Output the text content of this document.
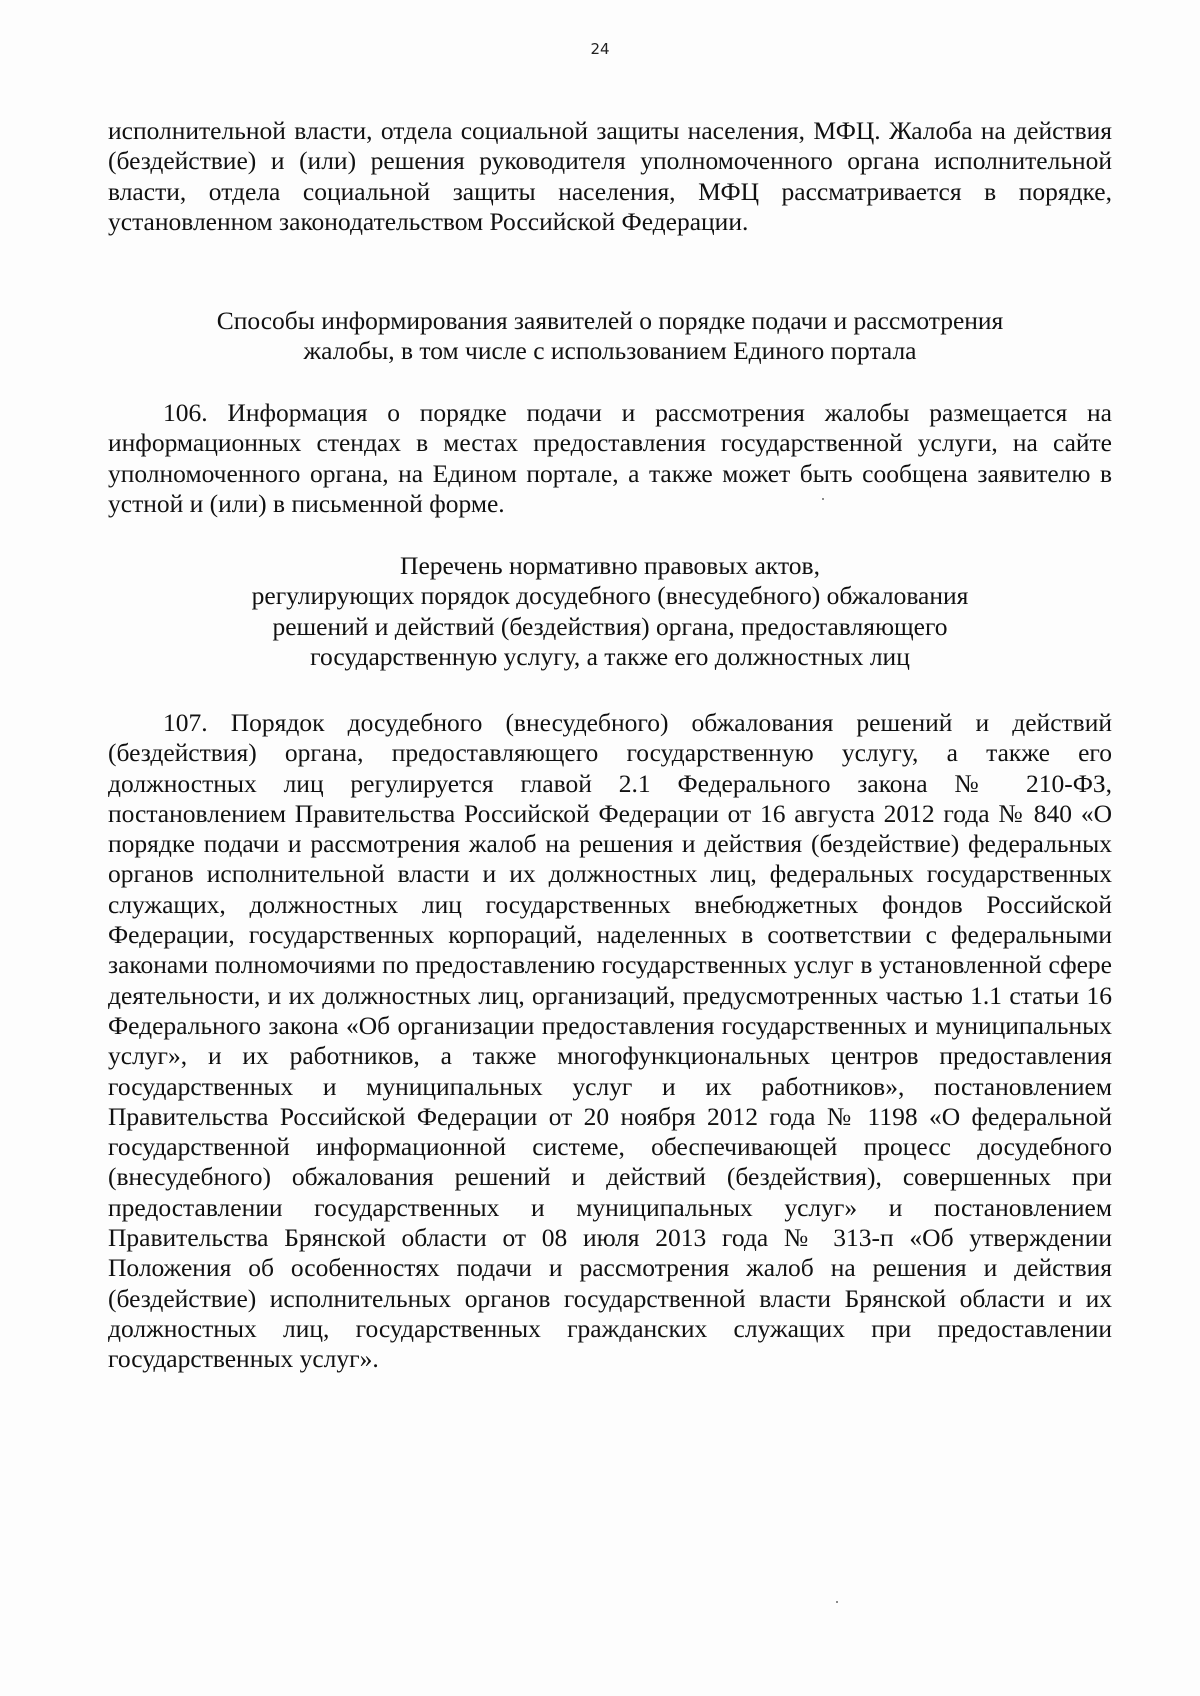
24
исполнительной власти, отдела социальной защиты населения, МФЦ. Жалоба на действия (бездействие) и (или) решения руководителя уполномоченного органа исполнительной власти, отдела социальной защиты населения, МФЦ рассматривается в порядке, установленном законодательством Российской Федерации.
Способы информирования заявителей о порядке подачи и рассмотрения
жалобы, в том числе с использованием Единого портала
106. Информация о порядке подачи и рассмотрения жалобы размещается на информационных стендах в местах предоставления государственной услуги, на сайте уполномоченного органа, на Едином портале, а также может быть сообщена заявителю в устной и (или) в письменной форме.
Перечень нормативно правовых актов,
регулирующих порядок досудебного (внесудебного) обжалования
решений и действий (бездействия) органа, предоставляющего
государственную услугу, а также его должностных лиц
107. Порядок досудебного (внесудебного) обжалования решений и действий (бездействия) органа, предоставляющего государственную услугу, а также его должностных лиц регулируется главой 2.1 Федерального закона № 210-ФЗ, постановлением Правительства Российской Федерации от 16 августа 2012 года № 840 «О порядке подачи и рассмотрения жалоб на решения и действия (бездействие) федеральных органов исполнительной власти и их должностных лиц, федеральных государственных служащих, должностных лиц государственных внебюджетных фондов Российской Федерации, государственных корпораций, наделенных в соответствии с федеральными законами полномочиями по предоставлению государственных услуг в установленной сфере деятельности, и их должностных лиц, организаций, предусмотренных частью 1.1 статьи 16 Федерального закона «Об организации предоставления государственных и муниципальных услуг», и их работников, а также многофункциональных центров предоставления государственных и муниципальных услуг и их работников», постановлением Правительства Российской Федерации от 20 ноября 2012 года № 1198 «О федеральной государственной информационной системе, обеспечивающей процесс досудебного (внесудебного) обжалования решений и действий (бездействия), совершенных при предоставлении государственных и муниципальных услуг» и постановлением Правительства Брянской области от 08 июля 2013 года № 313-п «Об утверждении Положения об особенностях подачи и рассмотрения жалоб на решения и действия (бездействие) исполнительных органов государственной власти Брянской области и их должностных лиц, государственных гражданских служащих при предоставлении государственных услуг».
